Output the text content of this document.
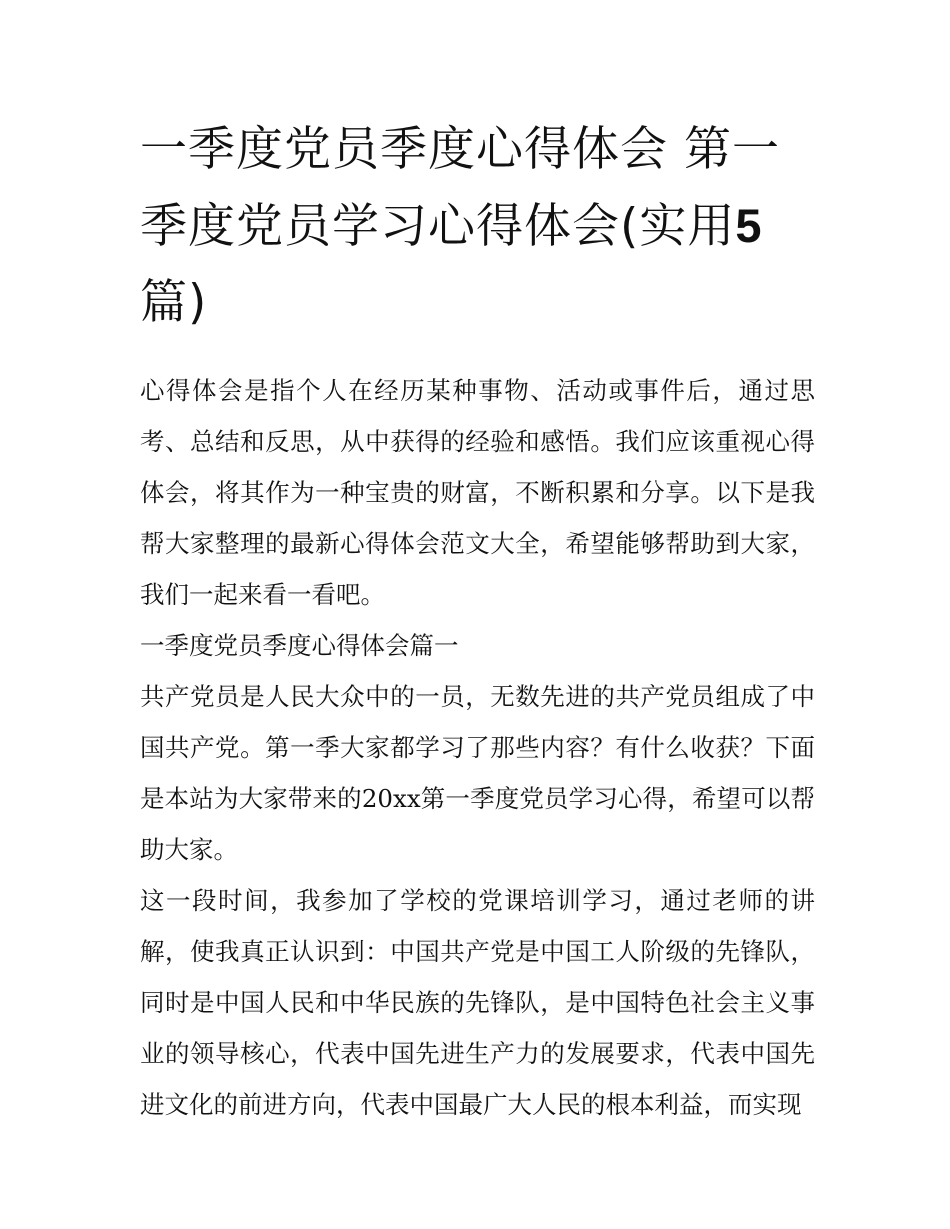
一季度党员季度心得体会 第一季度党员学习心得体会(实用5篇)

心得体会是指个人在经历某种事物、活动或事件后，通过思考、总结和反思，从中获得的经验和感悟。我们应该重视心得体会，将其作为一种宝贵的财富，不断积累和分享。以下是我帮大家整理的最新心得体会范文大全，希望能够帮助到大家，我们一起来看一看吧。

一季度党员季度心得体会篇一

共产党员是人民大众中的一员，无数先进的共产党员组成了中国共产党。第一季大家都学习了那些内容？有什么收获？下面是本站为大家带来的20xx第一季度党员学习心得，希望可以帮助大家。

这一段时间，我参加了学校的党课培训学习，通过老师的讲解，使我真正认识到：中国共产党是中国工人阶级的先锋队，同时是中国人民和中华民族的先锋队，是中国特色社会主义事业的领导核心，代表中国先进生产力的发展要求，代表中国先进文化的前进方向，代表中国最广大人民的根本利益，而实现
